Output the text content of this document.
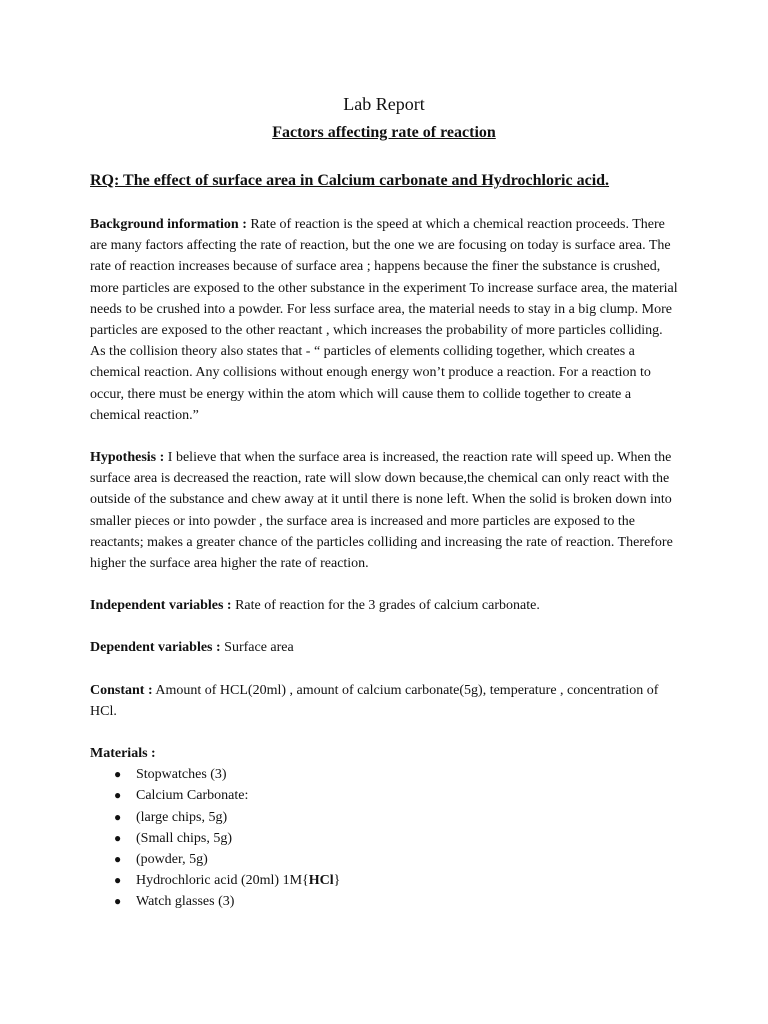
Lab Report
Factors affecting rate of reaction

RQ: The effect of surface area in Calcium carbonate and Hydrochloric acid.

Background information : Rate of reaction is the speed at which a chemical reaction proceeds. There are many factors affecting the rate of reaction, but the one we are focusing on today is surface area. The rate of reaction increases because of surface area ; happens because the finer the substance is crushed, more particles are exposed to the other substance in the experiment To increase surface area, the material needs to be crushed into a powder. For less surface area, the material needs to stay in a big clump. More particles are exposed to the other reactant , which increases the probability of more particles colliding. As the collision theory also states that - “ particles of elements colliding together, which creates a chemical reaction. Any collisions without enough energy won’t produce a reaction. For a reaction to occur, there must be energy within the atom which will cause them to collide together to create a chemical reaction.”

Hypothesis : I believe that when the surface area is increased, the reaction rate will speed up. When the surface area is decreased the reaction, rate will slow down because,the chemical can only react with the outside of the substance and chew away at it until there is none left. When the solid is broken down into smaller pieces or into powder , the surface area is increased and more particles are exposed to the reactants; makes a greater chance of the particles colliding and increasing the rate of reaction. Therefore higher the surface area higher the rate of reaction.

Independent variables : Rate of reaction for the 3 grades of calcium carbonate.

Dependent variables : Surface area

Constant : Amount of HCL(20ml) , amount of calcium carbonate(5g), temperature , concentration of HCl.

Materials :

● Stopwatches (3)
● Calcium Carbonate:
● (large chips, 5g)
● (Small chips, 5g)
● (powder, 5g)
● Hydrochloric acid (20ml) 1M{HCl}
● Watch glasses (3)
